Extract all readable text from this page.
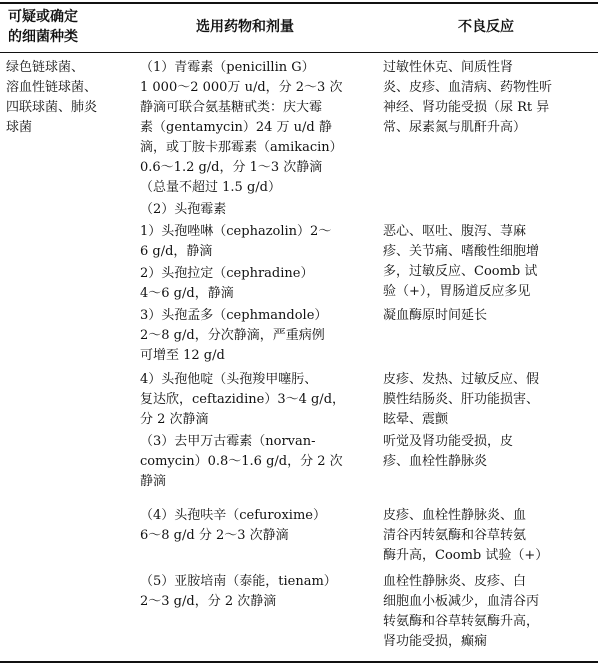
可疑或确定
的细菌种类
选用药物和剂量	不良反应
绿色链球菌、
溶血性链球菌、
四联球菌、肺炎
球菌
（1）青霉素（penicillin G）
1 000～2 000万 u/d，分 2～3 次
静滴可联合氨基糖甙类：庆大霉
素（gentamycin）24 万 u/d 静
滴，或丁胺卡那霉素（amikacin）
0.6～1.2 g/d，分 1～3 次静滴
（总量不超过 1.5 g/d）
过敏性休克、间质性肾
炎、皮疹、血清病、药物性听
神经、肾功能受损（尿 Rt 异
常、尿素氮与肌酐升高）
（2）头孢霉素
1）头孢唑啉（cephazolin）2～
6 g/d，静滴
恶心、呕吐、腹泻、荨麻
疹、关节痛、嗜酸性细胞增
多，过敏反应、Coomb 试
验（+），胃肠道反应多见
2）头孢拉定（cephradine）
4～6 g/d，静滴
3）头孢孟多（cephmandole）
2～8 g/d，分次静滴，严重病例
可增至 12 g/d
凝血酶原时间延长
4）头孢他啶（头孢羧甲噻肟、
复达欣，ceftazidine）3～4 g/d，
分 2 次静滴
皮疹、发热、过敏反应、假
膜性结肠炎、肝功能损害、
眩晕、震颤
（3）去甲万古霉素（norvan-
comycin）0.8～1.6 g/d，分 2 次
静滴
听觉及肾功能受损，皮
疹、血栓性静脉炎
（4）头孢呋辛（cefuroxime）
6～8 g/d 分 2～3 次静滴
皮疹、血栓性静脉炎、血
清谷丙转氨酶和谷草转氨
酶升高，Coomb 试验（+）
（5）亚胺培南（泰能，tienam）
2～3 g/d，分 2 次静滴
血栓性静脉炎、皮疹、白
细胞血小板减少，血清谷丙
转氨酶和谷草转氨酶升高，
肾功能受损，癫痫
